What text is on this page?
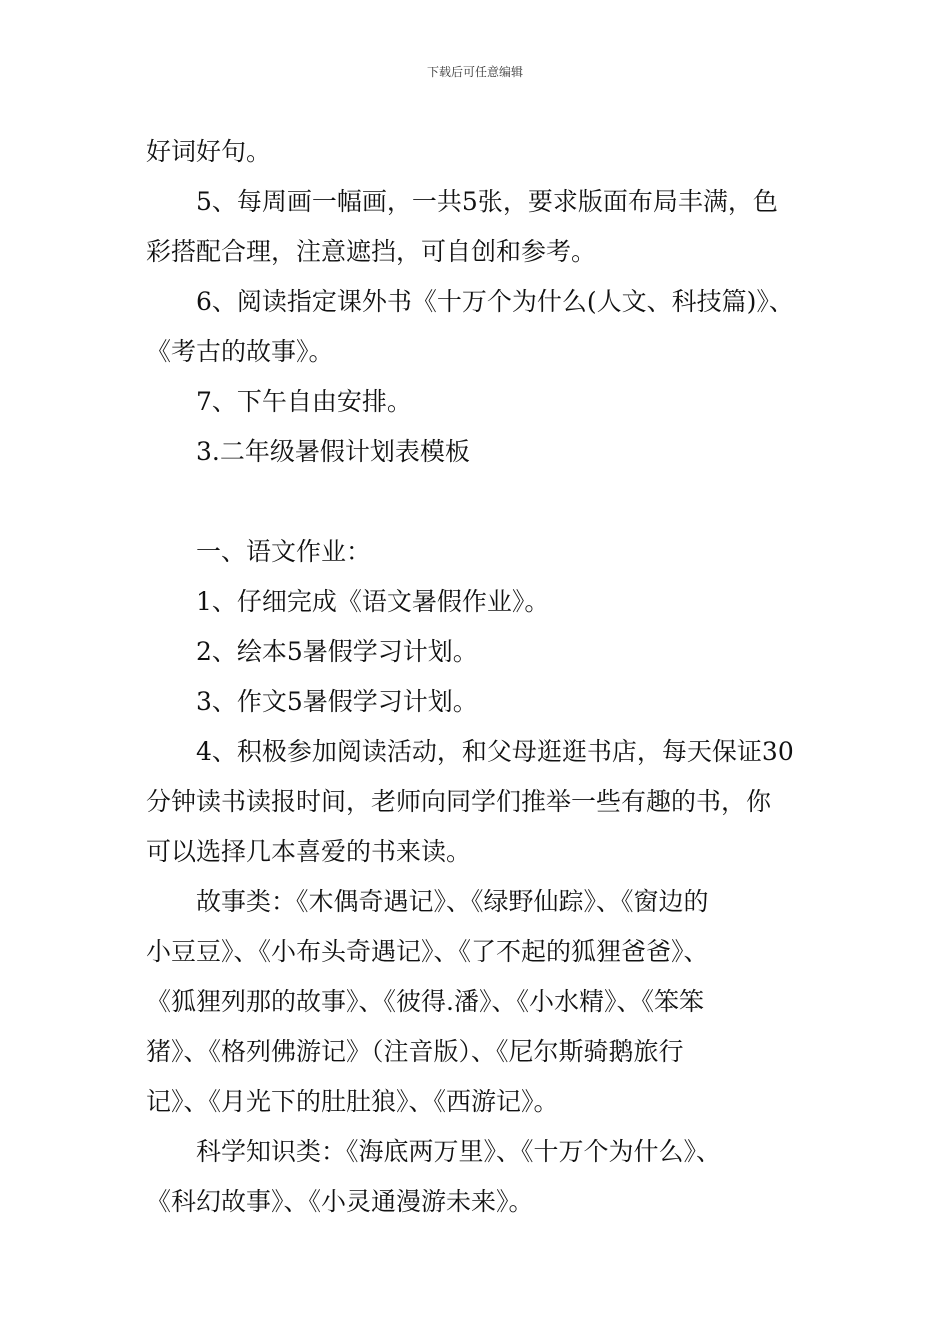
下载后可任意编辑
好词好句。
5、每周画一幅画，一共5张，要求版面布局丰满，色
彩搭配合理，注意遮挡，可自创和参考。
6、阅读指定课外书《十万个为什么(人文、科技篇)》、
《考古的故事》。
7、下午自由安排。
3.二年级暑假计划表模板
一、语文作业：
1、仔细完成《语文暑假作业》。
2、绘本5暑假学习计划。
3、作文5暑假学习计划。
4、积极参加阅读活动，和父母逛逛书店，每天保证30
分钟读书读报时间，老师向同学们推举一些有趣的书，你
可以选择几本喜爱的书来读。
故事类：《木偶奇遇记》、《绿野仙踪》、《窗边的
小豆豆》、《小布头奇遇记》、《了不起的狐狸爸爸》、
《狐狸列那的故事》、《彼得.潘》、《小水精》、《笨笨
猪》、《格列佛游记》（注音版）、《尼尔斯骑鹅旅行
记》、《月光下的肚肚狼》、《西游记》。
科学知识类：《海底两万里》、《十万个为什么》、
《科幻故事》、《小灵通漫游未来》。
